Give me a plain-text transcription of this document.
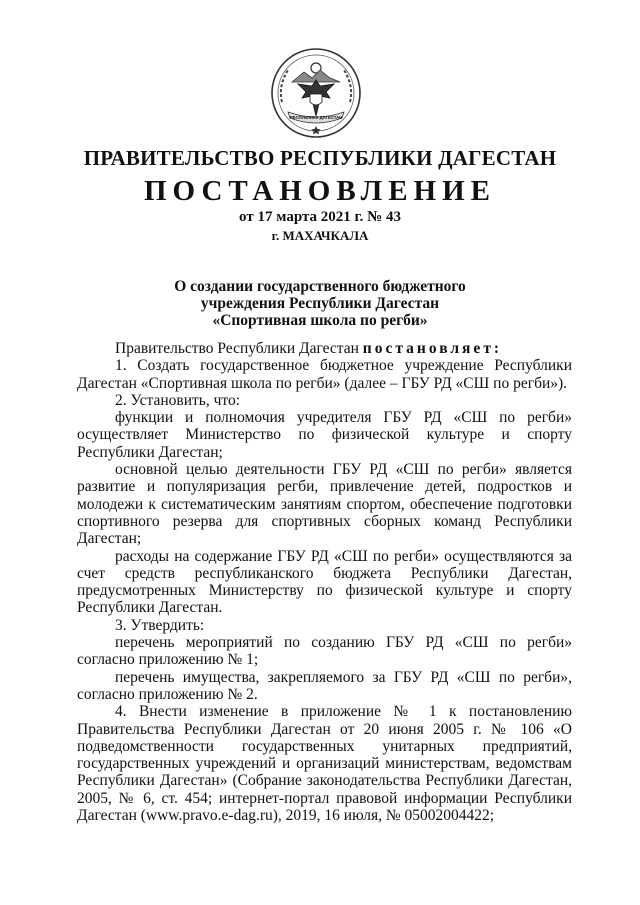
РЕСПУБЛИКА ДАГЕСТАН
ПРАВИТЕЛЬСТВО РЕСПУБЛИКИ ДАГЕСТАН
ПОСТАНОВЛЕНИЕ
от 17 марта 2021 г. № 43
г. МАХАЧКАЛА
О создании государственного бюджетного
учреждения Республики Дагестан
«Спортивная школа по регби»

Правительство Республики Дагестан постановляет:

1. Создать государственное бюджетное учреждение Республики Дагестан «Спортивная школа по регби» (далее – ГБУ РД «СШ по регби»).

2. Установить, что:

функции и полномочия учредителя ГБУ РД «СШ по регби» осуществляет Министерство по физической культуре и спорту Республики Дагестан;

основной целью деятельности ГБУ РД «СШ по регби» является развитие и популяризация регби, привлечение детей, подростков и молодежи к систематическим занятиям спортом, обеспечение подготовки спортивного резерва для спортивных сборных команд Республики Дагестан;

расходы на содержание ГБУ РД «СШ по регби» осуществляются за счет средств республиканского бюджета Республики Дагестан, предусмотренных Министерству по физической культуре и спорту Республики Дагестан.

3. Утвердить:

перечень мероприятий по созданию ГБУ РД «СШ по регби» согласно приложению № 1;

перечень имущества, закрепляемого за ГБУ РД «СШ по регби», согласно приложению № 2.

4. Внести изменение в приложение № 1 к постановлению Правительства Республики Дагестан от 20 июня 2005 г. № 106 «О подведомственности государственных унитарных предприятий, государственных учреждений и организаций министерствам, ведомствам Республики Дагестан» (Собрание законодательства Республики Дагестан, 2005, № 6, ст. 454; интернет-портал правовой информации Республики Дагестан (www.pravo.e-dag.ru), 2019, 16 июля, № 05002004422;
